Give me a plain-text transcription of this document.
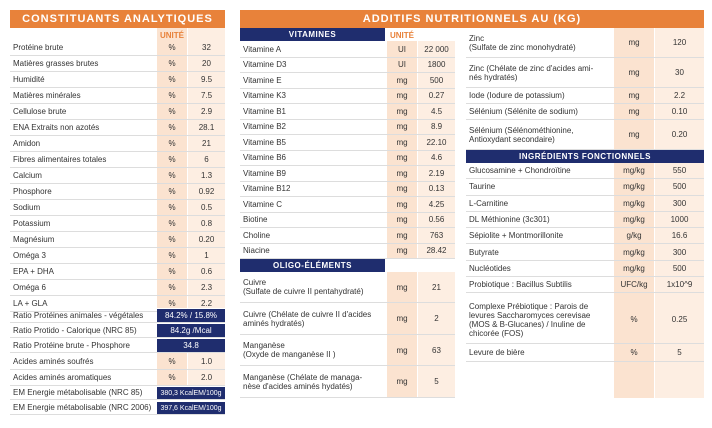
CONSTITUANTS ANALYTIQUES
UNITÉ
Protéine brute	%	32
Matières grasses brutes	%	20
Humidité	%	9.5
Matières minérales	%	7.5
Cellulose brute	%	2.9
ENA Extraits non azotés	%	28.1
Amidon	%	21
Fibres alimentaires totales	%	6
Calcium	%	1.3
Phosphore	%	0.92
Sodium	%	0.5
Potassium	%	0.8
Magnésium	%	0.20
Oméga 3	%	1
EPA + DHA	%	0.6
Oméga 6	%	2.3
LA + GLA	%	2.2
Ratio Protéines animales - végétales	84.2% / 15.8%
Ratio Protido - Calorique (NRC 85)	84.2g /Mcal
Ratio Protéine brute - Phosphore	34.8
Acides aminés soufrés	%	1.0
Acides aminés aromatiques	%	2.0
EM Energie métabolisable (NRC 85)	380,3 KcalEM/100g
EM Energie métabolisable (NRC 2006)	397,6 KcalEM/100g
ADDITIFS NUTRITIONNELS AU (KG)
VITAMINES	UNITÉ
OLIGO-ÉLÉMENTS
Vitamine A	UI	22 000
Vitamine D3	UI	1800
Vitamine E	mg	500
Vitamine K3	mg	0.27
Vitamine B1	mg	4.5
Vitamine B2	mg	8.9
Vitamine B5	mg	22.10
Vitamine B6	mg	4.6
Vitamine B9	mg	2.19
Vitamine B12	mg	0.13
Vitamine C	mg	4.25
Biotine	mg	0.56
Choline	mg	763
Niacine	mg	28.42
Cuivre
(Sulfate de cuivre II pentahydraté)	mg	21
Cuivre (Chélate de cuivre II d'acides
aminés hydratés)	mg	2
Manganèse
(Oxyde de manganèse II )	mg	63
Manganèse (Chélate de managa-
nèse d'acides aminés hydatés)	mg	5
INGRÉDIENTS FONCTIONNELS
Zinc
(Sulfate de zinc monohydraté)	mg	120
Zinc (Chélate de zinc d'acides ami-
nés hydratés)	mg	30
Iode (Iodure de potassium)	mg	2.2
Sélénium (Sélénite de sodium)	mg	0.10
Sélénium (Sélénométhionine,
Antioxydant secondaire)	mg	0.20
Glucosamine + Chondroïtine	mg/kg	550
Taurine	mg/kg	500
L-Carnitine	mg/kg	300
DL Méthionine (3c301)	mg/kg	1000
Sépiolite + Montmorillonite	g/kg	16.6
Butyrate	mg/kg	300
Nucléotides	mg/kg	500
Probiotique : Bacillus Subtilis	UFC/kg	1x10^9
Complexe Prébiotique : Parois de
levures Saccharomyces cerevisae
(MOS & B-Glucanes) / Inuline de
chicorée (FOS)
%	0.25
Levure de bière	%	5
